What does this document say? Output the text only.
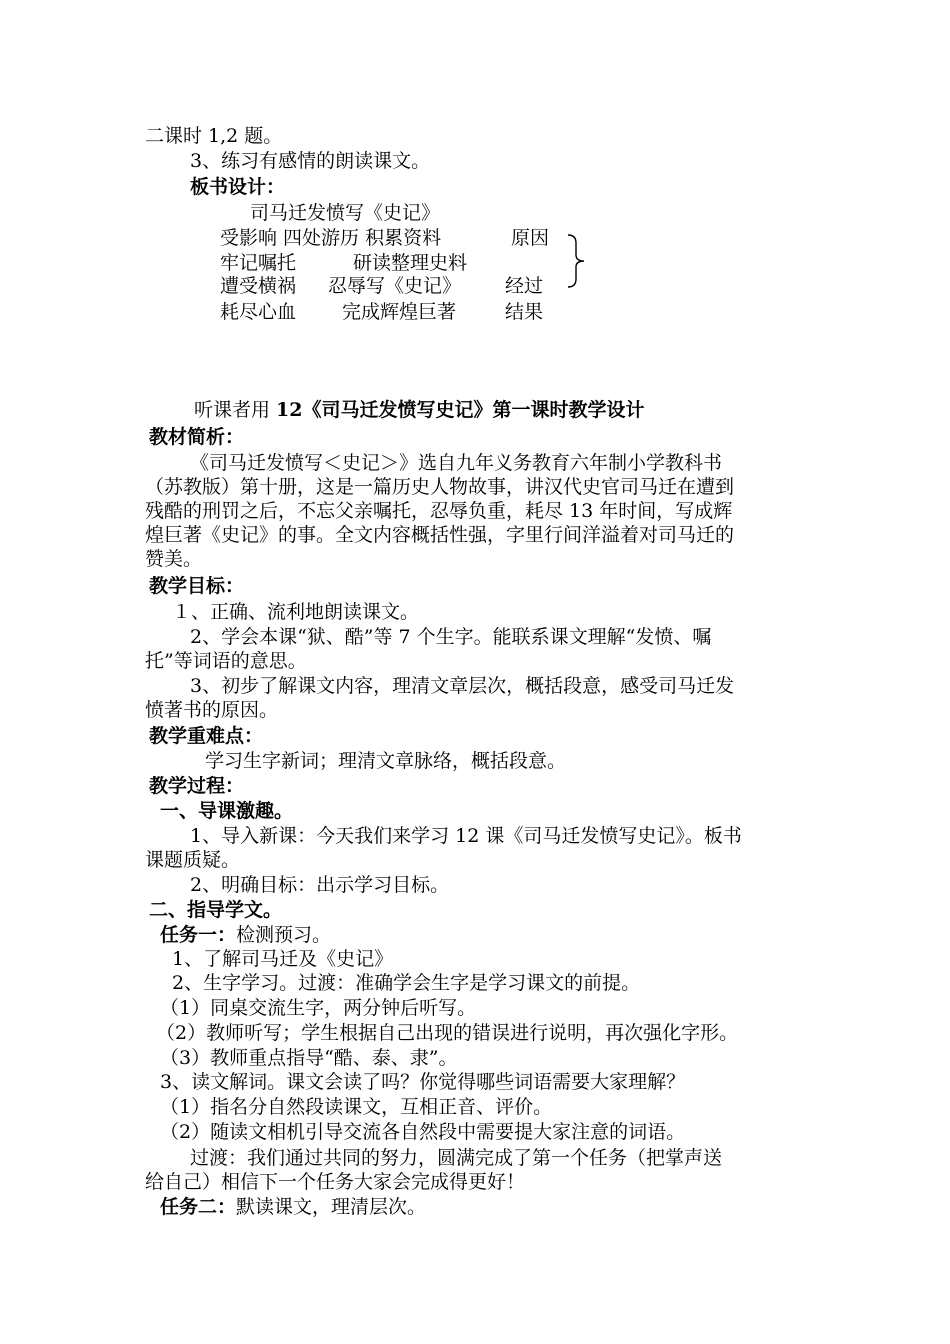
二课时 1,2 题。
3、练习有感情的朗读课文。
板书设计：
司马迁发愤写《史记》
受影响 四处游历 积累资料	原因
牢记嘱托	研读整理史料
遭受横祸 忍辱写《史记》 经过
耗尽心血 完成辉煌巨著	结果
听课者用 12《司马迁发愤写史记》第一课时教学设计
教材简析：
《司马迁发愤写＜史记＞》选自九年义务教育六年制小学教科书
（苏教版）第十册，这是一篇历史人物故事，讲汉代史官司马迁在遭到
残酷的刑罚之后，不忘父亲嘱托，忍辱负重，耗尽 13 年时间，写成辉
煌巨著《史记》的事。全文内容概括性强，字里行间洋溢着对司马迁的
赞美。
教学目标：
１、正确、流利地朗读课文。
2、学会本课“狱、酷”等 7 个生字。能联系课文理解“发愤、嘱
托”等词语的意思。
3、初步了解课文内容，理清文章层次，概括段意，感受司马迁发
愤著书的原因。
教学重难点：
学习生字新词；理清文章脉络，概括段意。
教学过程：
一、导课激趣。
1、导入新课：今天我们来学习 12 课《司马迁发愤写史记》。板书
课题质疑。
2、明确目标：出示学习目标。
二、指导学文。
任务一：检测预习。
1、了解司马迁及《史记》
2、生字学习。过渡：准确学会生字是学习课文的前提。
（1）同桌交流生字，两分钟后听写。
（2）教师听写；学生根据自己出现的错误进行说明，再次强化字形。
（3）教师重点指导“酷、泰、隶”。
3、读文解词。课文会读了吗？你觉得哪些词语需要大家理解？
（1）指名分自然段读课文，互相正音、评价。
（2）随读文相机引导交流各自然段中需要提大家注意的词语。
过渡：我们通过共同的努力，圆满完成了第一个任务（把掌声送
给自己）相信下一个任务大家会完成得更好！
任务二：默读课文，理清层次。
